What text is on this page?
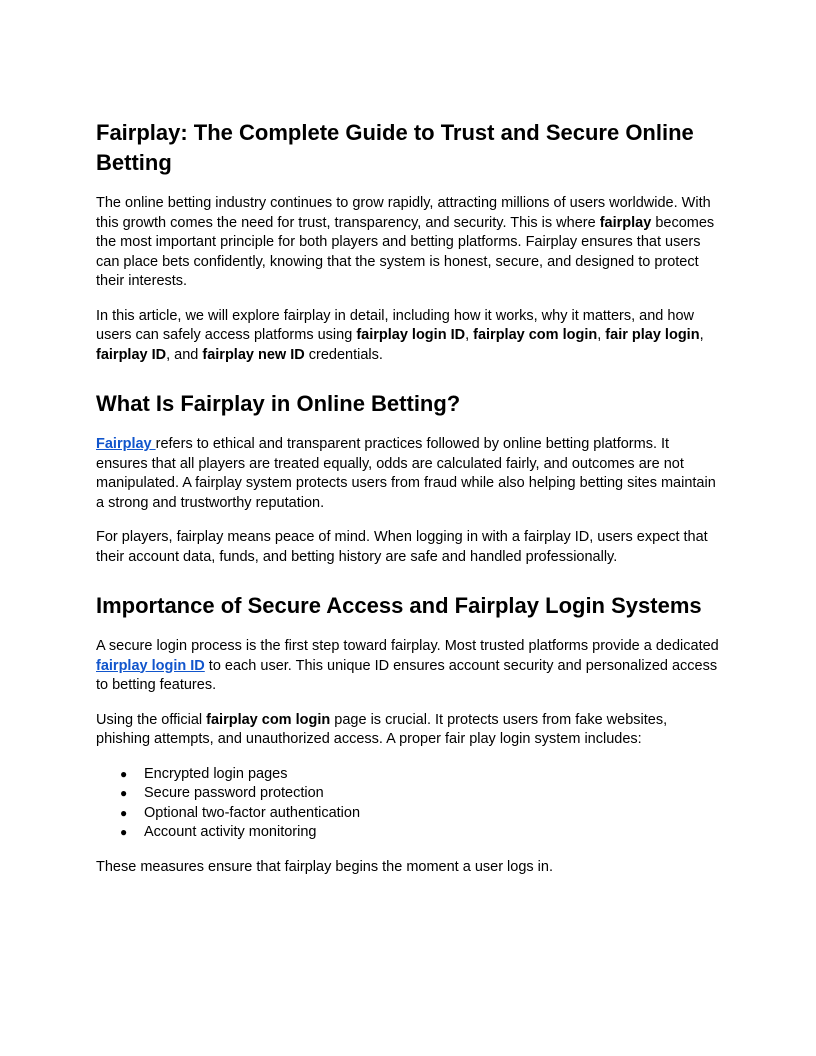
Fairplay: The Complete Guide to Trust and Secure Online Betting

The online betting industry continues to grow rapidly, attracting millions of users worldwide. With this growth comes the need for trust, transparency, and security. This is where fairplay becomes the most important principle for both players and betting platforms. Fairplay ensures that users can place bets confidently, knowing that the system is honest, secure, and designed to protect their interests.

In this article, we will explore fairplay in detail, including how it works, why it matters, and how users can safely access platforms using fairplay login ID, fairplay com login, fair play login, fairplay ID, and fairplay new ID credentials.

What Is Fairplay in Online Betting?

Fairplay refers to ethical and transparent practices followed by online betting platforms. It ensures that all players are treated equally, odds are calculated fairly, and outcomes are not manipulated. A fairplay system protects users from fraud while also helping betting sites maintain a strong and trustworthy reputation.

For players, fairplay means peace of mind. When logging in with a fairplay ID, users expect that their account data, funds, and betting history are safe and handled professionally.

Importance of Secure Access and Fairplay Login Systems

A secure login process is the first step toward fairplay. Most trusted platforms provide a dedicated fairplay login ID to each user. This unique ID ensures account security and personalized access to betting features.

Using the official fairplay com login page is crucial. It protects users from fake websites, phishing attempts, and unauthorized access. A proper fair play login system includes:

● Encrypted login pages
● Secure password protection
● Optional two-factor authentication
● Account activity monitoring

These measures ensure that fairplay begins the moment a user logs in.
